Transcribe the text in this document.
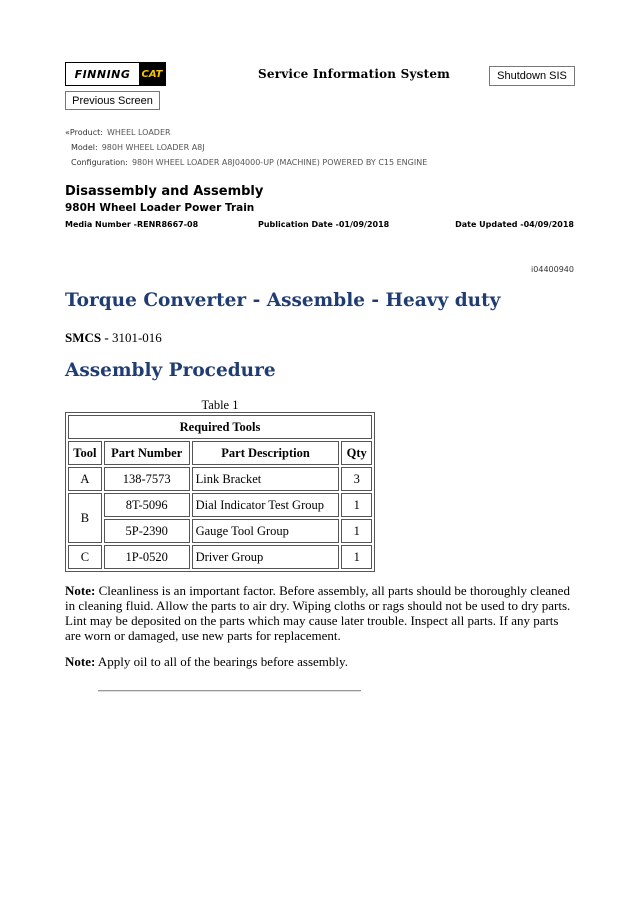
FINNING	CAT	Service Information System	Shutdown SIS
Previous Screen
«Product: WHEEL LOADER
Model: 980H WHEEL LOADER A8J
Configuration: 980H WHEEL LOADER A8J04000-UP (MACHINE) POWERED BY C15 ENGINE
Disassembly and Assembly
980H Wheel Loader Power Train
Media Number -RENR8667-08	Publication Date -01/09/2018	Date Updated -04/09/2018
i04400940
Torque Converter - Assemble - Heavy duty
SMCS - 3101-016
Assembly Procedure
Table 1
Required Tools			
Tool	Part Number	Part Description	Qty
A	138-7573	Link Bracket	3
B	8T-5096	Dial Indicator Test Group	1
	5P-2390	Gauge Tool Group	1
C	1P-0520	Driver Group	1
Note: Cleanliness is an important factor. Before assembly, all parts should be thoroughly cleaned in cleaning fluid. Allow the parts to air dry. Wiping cloths or rags should not be used to dry parts. Lint may be deposited on the parts which may cause later trouble. Inspect all parts. If any parts are worn or damaged, use new parts for replacement.
Note: Apply oil to all of the bearings before assembly.
